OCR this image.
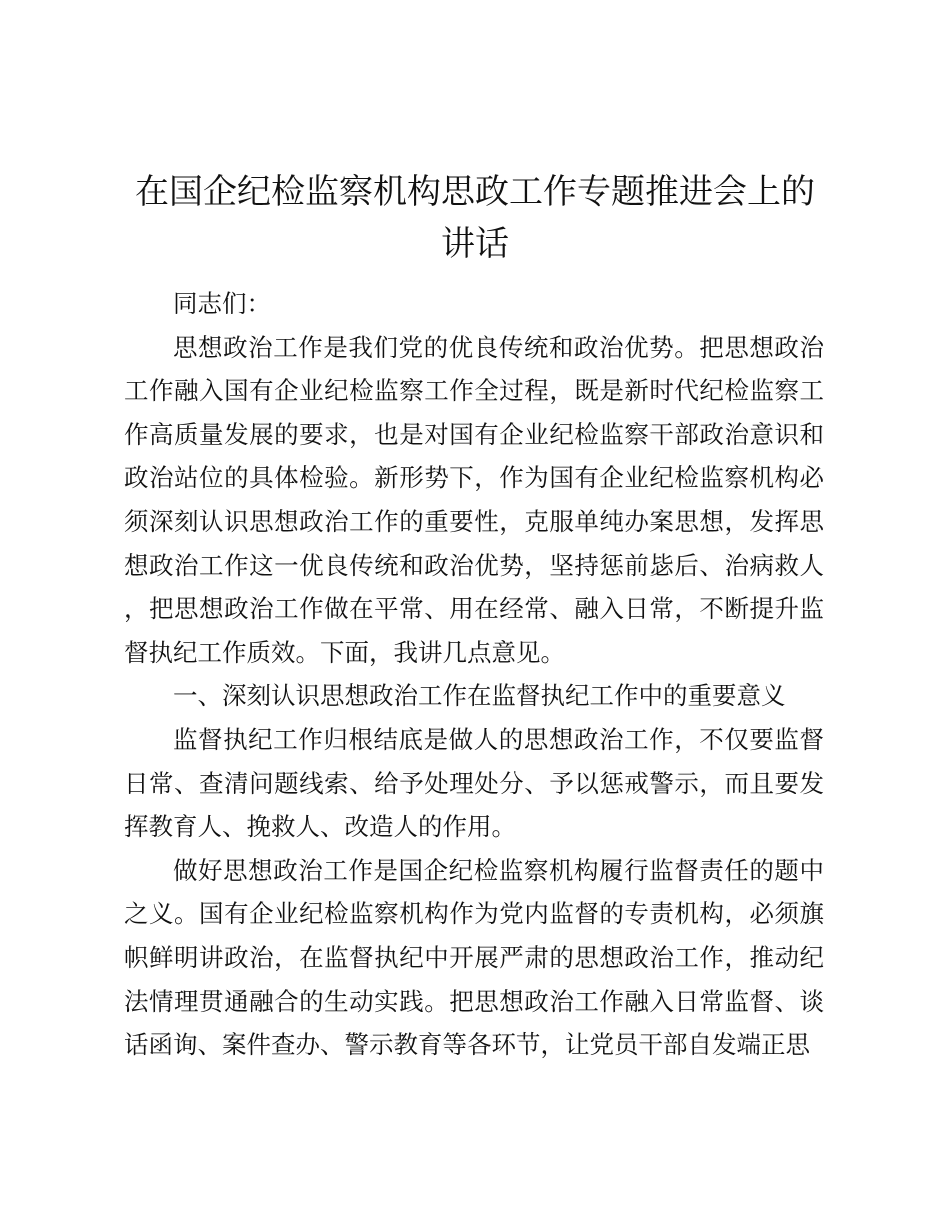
在国企纪检监察机构思政工作专题推进会上的讲话

同志们：

思想政治工作是我们党的优良传统和政治优势。把思想政治工作融入国有企业纪检监察工作全过程，既是新时代纪检监察工作高质量发展的要求，也是对国有企业纪检监察干部政治意识和政治站位的具体检验。新形势下，作为国有企业纪检监察机构必须深刻认识思想政治工作的重要性，克服单纯办案思想，发挥思想政治工作这一优良传统和政治优势，坚持惩前毖后、治病救人，把思想政治工作做在平常、用在经常、融入日常，不断提升监督执纪工作质效。下面，我讲几点意见。

一、深刻认识思想政治工作在监督执纪工作中的重要意义

监督执纪工作归根结底是做人的思想政治工作，不仅要监督日常、查清问题线索、给予处理处分、予以惩戒警示，而且要发挥教育人、挽救人、改造人的作用。

做好思想政治工作是国企纪检监察机构履行监督责任的题中之义。国有企业纪检监察机构作为党内监督的专责机构，必须旗帜鲜明讲政治，在监督执纪中开展严肃的思想政治工作，推动纪法情理贯通融合的生动实践。把思想政治工作融入日常监督、谈话函询、案件查办、警示教育等各环节，让党员干部自发端正思
